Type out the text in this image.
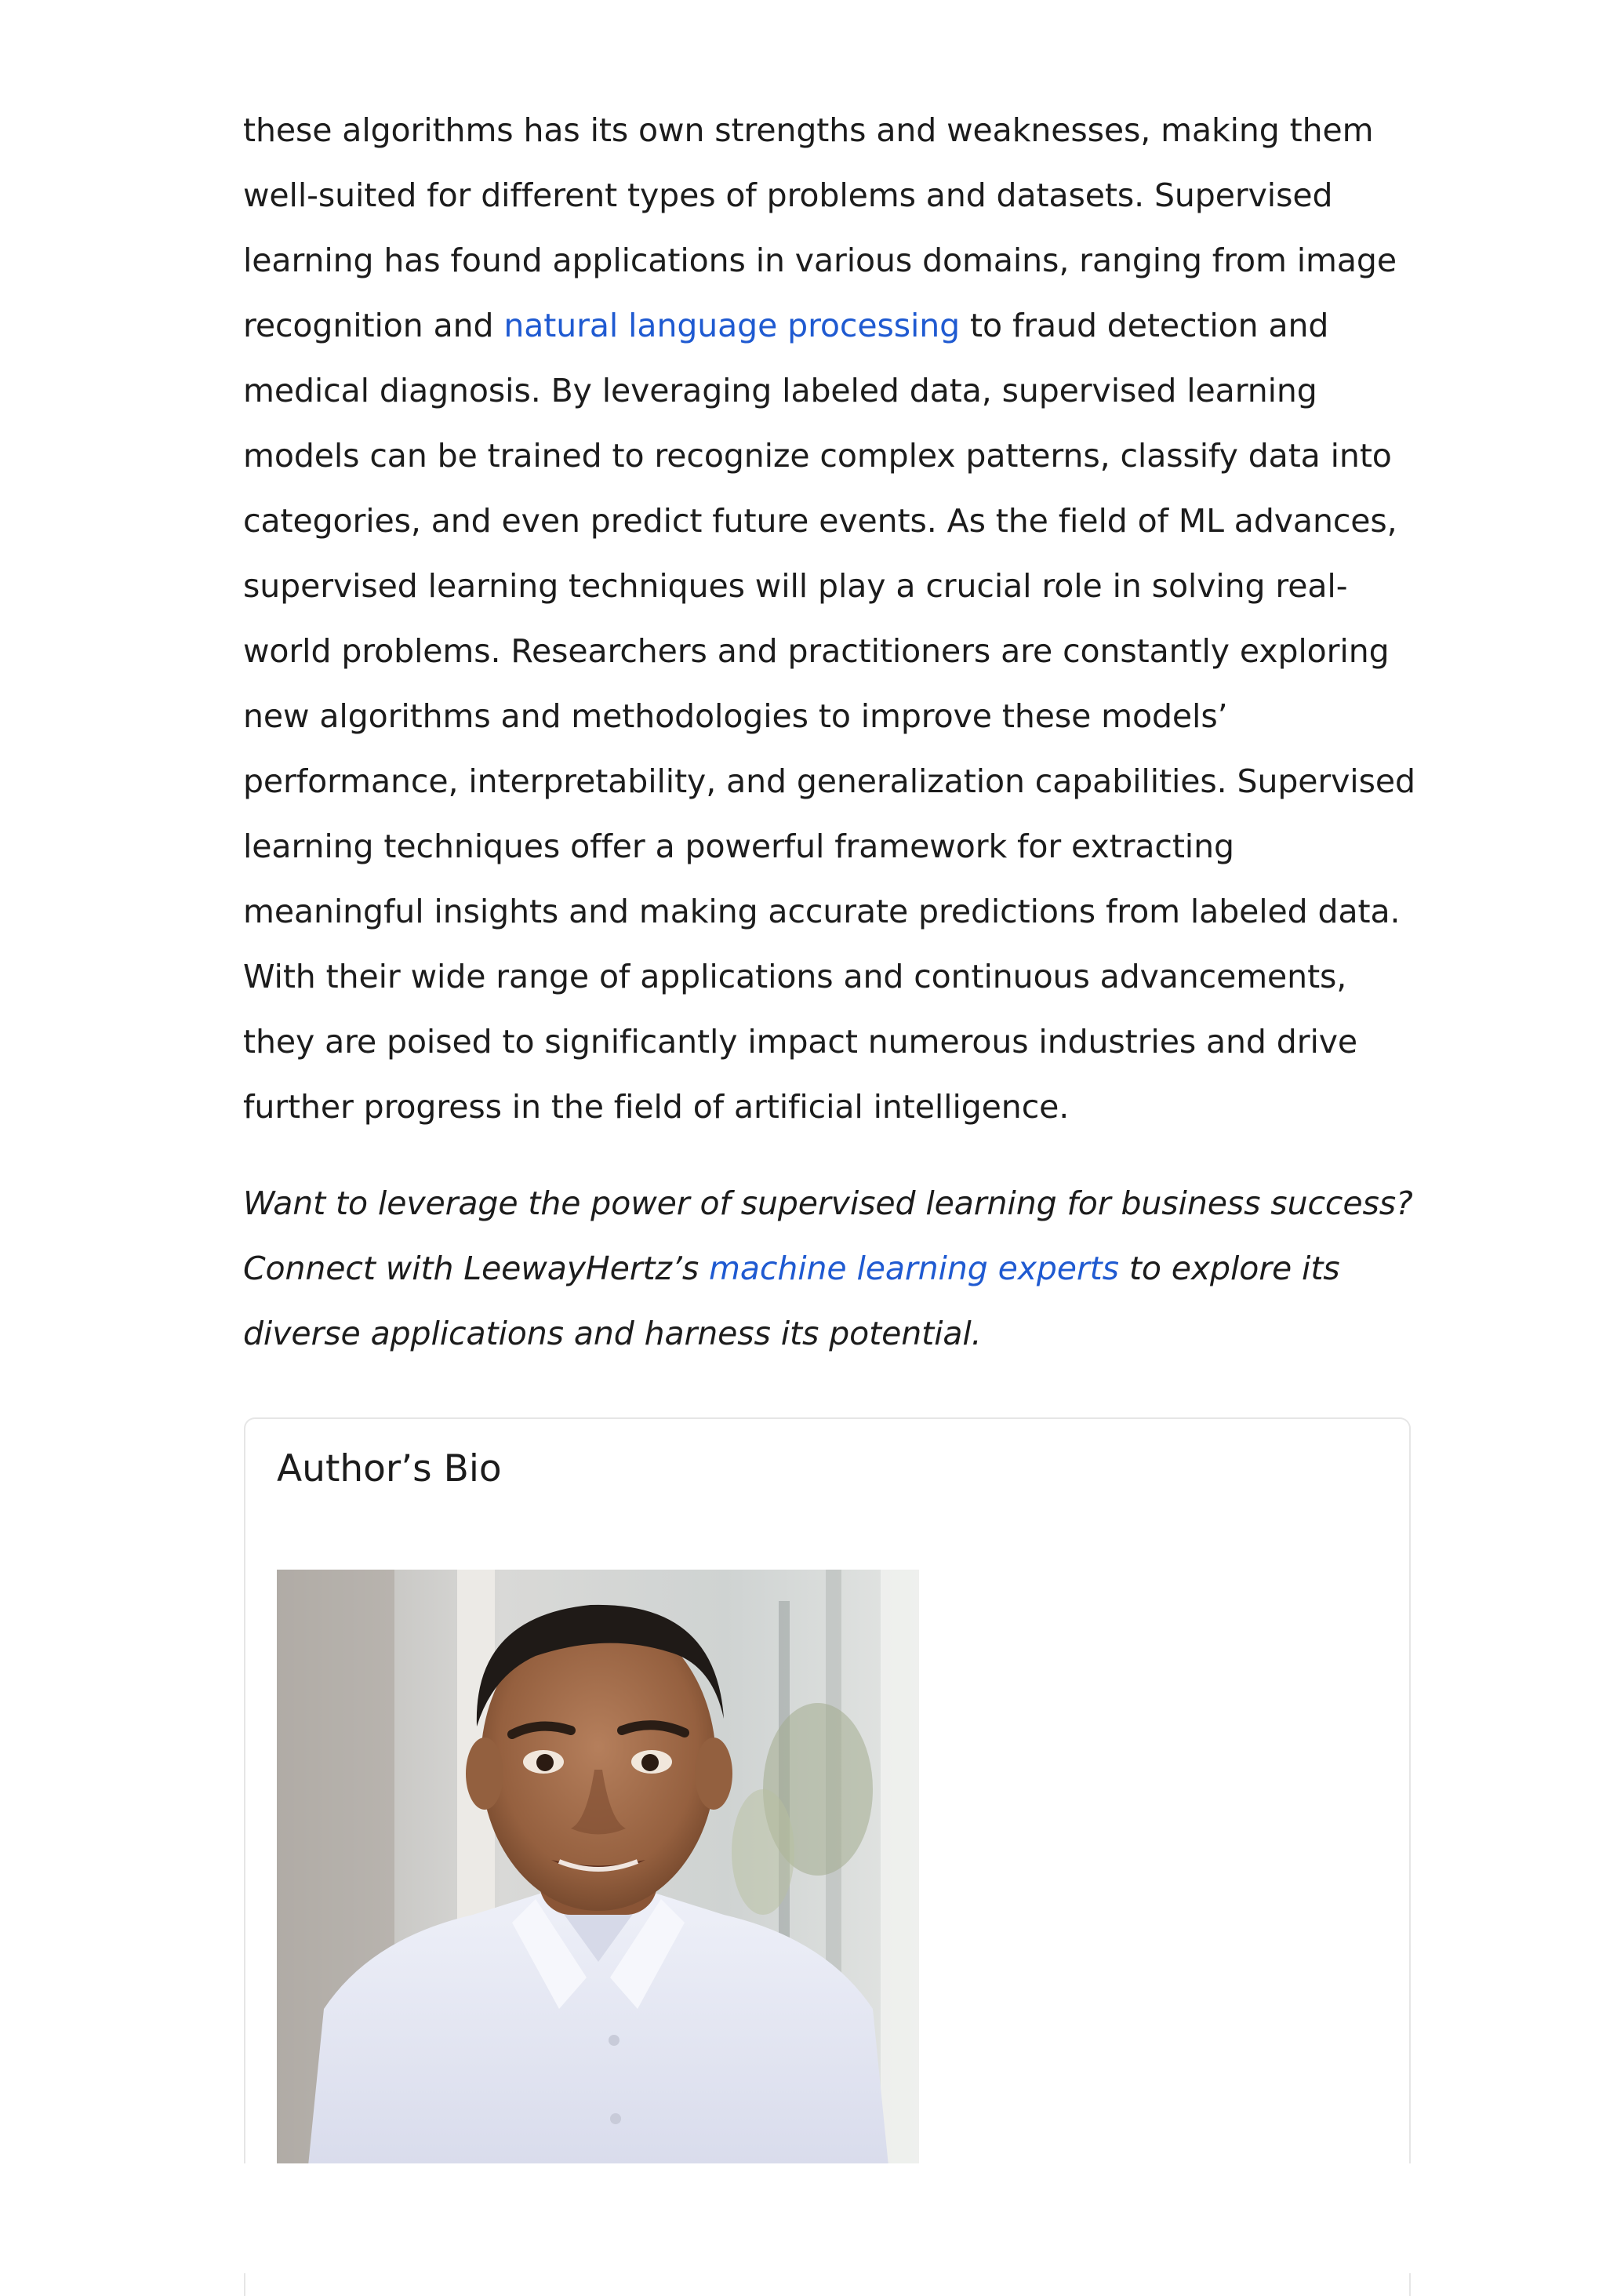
these algorithms has its own strengths and weaknesses, making them well-suited for different types of problems and datasets. Supervised learning has found applications in various domains, ranging from image recognition and natural language processing to fraud detection and medical diagnosis. By leveraging labeled data, supervised learning models can be trained to recognize complex patterns, classify data into categories, and even predict future events. As the field of ML advances, supervised learning techniques will play a crucial role in solving real-world problems. Researchers and practitioners are constantly exploring new algorithms and methodologies to improve these models’ performance, interpretability, and generalization capabilities. Supervised learning techniques offer a powerful framework for extracting meaningful insights and making accurate predictions from labeled data. With their wide range of applications and continuous advancements, they are poised to significantly impact numerous industries and drive further progress in the field of artificial intelligence.

Want to leverage the power of supervised learning for business success? Connect with LeewayHertz’s machine learning experts to explore its diverse applications and harness its potential.

Author’s Bio
